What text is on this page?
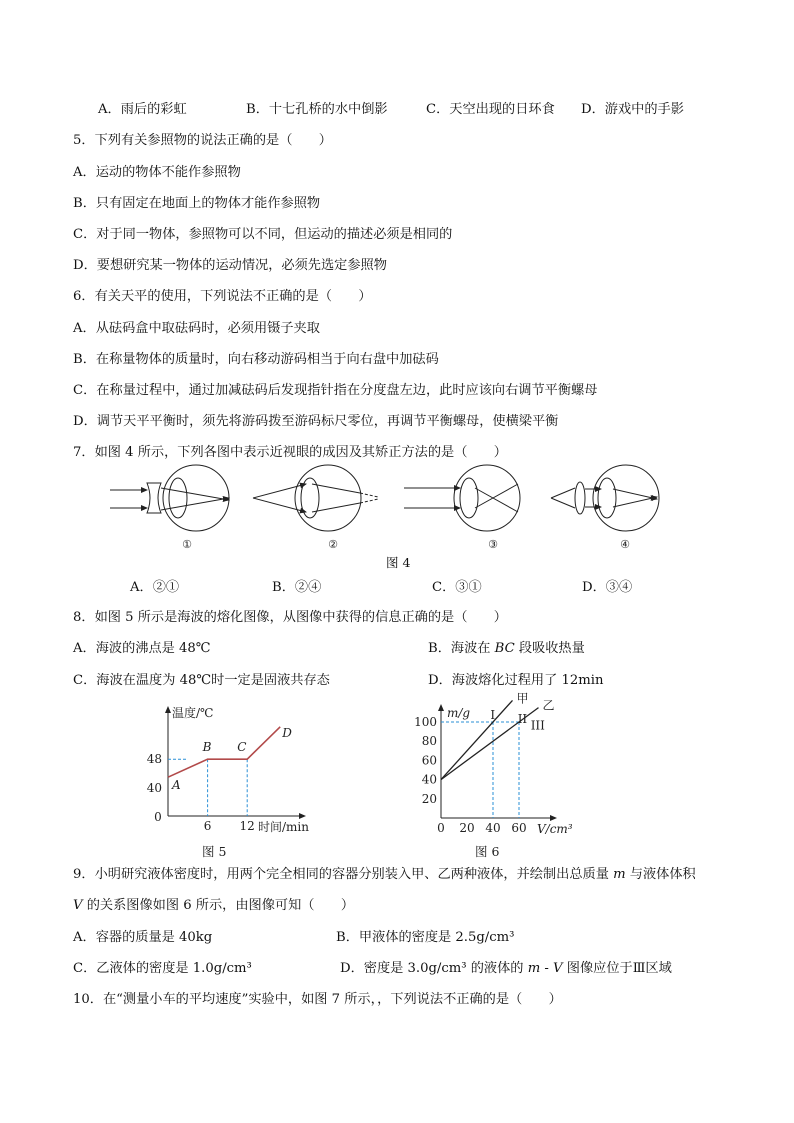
A．雨后的彩虹	B．十七孔桥的水中倒影	C．天空出现的日环食 D．游戏中的手影
5．下列有关参照物的说法正确的是（　　）
A．运动的物体不能作参照物
B．只有固定在地面上的物体才能作参照物
C．对于同一物体，参照物可以不同，但运动的描述必须是相同的
D．要想研究某一物体的运动情况，必须先选定参照物
6．有关天平的使用，下列说法不正确的是（　　）
A．从砝码盒中取砝码时，必须用镊子夹取
B．在称量物体的质量时，向右移动游码相当于向右盘中加砝码
C．在称量过程中，通过加减砝码后发现指针指在分度盘左边，此时应该向右调节平衡螺母
D．调节天平平衡时，须先将游码拨至游码标尺零位，再调节平衡螺母，使横梁平衡
7．如图 4 所示，下列各图中表示近视眼的成因及其矫正方法的是（　　）
①	②	③	④
图 4
A．②①	B．②④	C．③①	D．③④
8．如图 5 所示是海波的熔化图像，从图像中获得的信息正确的是（　　）
A．海波的沸点是 48℃	B．海波在 BC 段吸收热量
C．海波在温度为 48℃时一定是固液共存态	D．海波熔化过程用了 12min
温度/℃
时间/min
40
48
0
6 12
A
B C
D
图 5
m/g
V/cm³
20
40
60
80
100
0 20 40 60
甲
乙
I II III
图 6
9．小明研究液体密度时，用两个完全相同的容器分别装入甲、乙两种液体，并绘制出总质量 m 与液体体积
V 的关系图像如图 6 所示，由图像可知（　　）
A．容器的质量是 40kg	B．甲液体的密度是 2.5g/cm³
C．乙液体的密度是 1.0g/cm³	D．密度是 3.0g/cm³ 的液体的 m - V 图像应位于Ⅲ区域
10．在“测量小车的平均速度”实验中，如图 7 所示，，下列说法不正确的是（　　）
